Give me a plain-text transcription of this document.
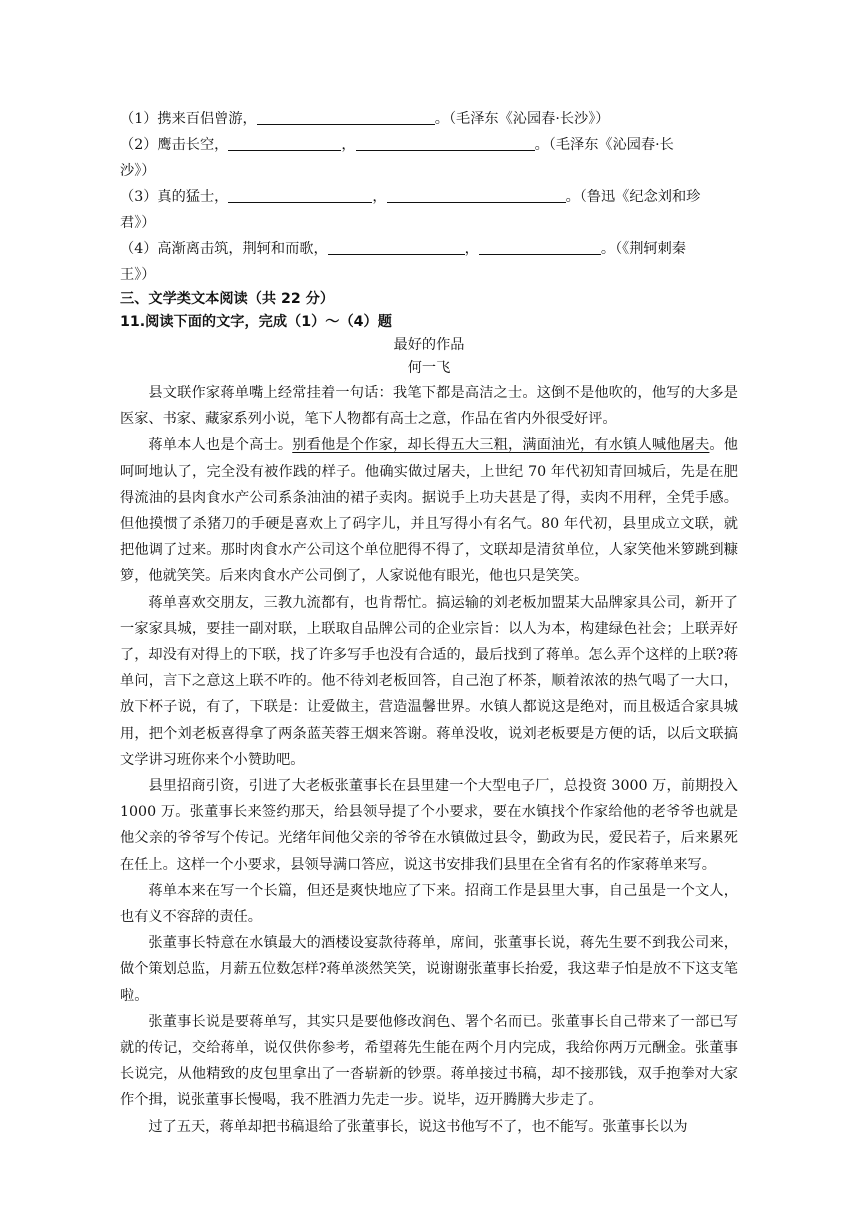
（1）携来百侣曾游，	。（毛泽东《沁园春·长沙》）

（2）鹰击长空，	，	。（毛泽东《沁园春·长

沙》）

（3）真的猛士，	，	。（鲁迅《纪念刘和珍

君》）

（4）高渐离击筑，荆轲和而歌，	，	。（《荆轲刺秦

王》）

三、文学类文本阅读（共 22 分）

11.阅读下面的文字，完成（1）～（4）题

最好的作品

何一飞

县文联作家蒋单嘴上经常挂着一句话：我笔下都是高洁之士。这倒不是他吹的，他写的大多是医家、书家、藏家系列小说，笔下人物都有高士之意，作品在省内外很受好评。

蒋单本人也是个高士。别看他是个作家，却长得五大三粗，满面油光，有水镇人喊他屠夫。他呵呵地认了，完全没有被作践的样子。他确实做过屠夫，上世纪 70 年代初知青回城后，先是在肥得流油的县肉食水产公司系条油油的裙子卖肉。据说手上功夫甚是了得，卖肉不用秤，全凭手感。但他摸惯了杀猪刀的手硬是喜欢上了码字儿，并且写得小有名气。80 年代初，县里成立文联，就把他调了过来。那时肉食水产公司这个单位肥得不得了，文联却是清贫单位，人家笑他米箩跳到糠箩，他就笑笑。后来肉食水产公司倒了，人家说他有眼光，他也只是笑笑。

蒋单喜欢交朋友，三教九流都有，也肯帮忙。搞运输的刘老板加盟某大品牌家具公司，新开了一家家具城，要挂一副对联，上联取自品牌公司的企业宗旨：以人为本，构建绿色社会；上联弄好了，却没有对得上的下联，找了许多写手也没有合适的，最后找到了蒋单。怎么弄个这样的上联?蒋单问，言下之意这上联不咋的。他不待刘老板回答，自己泡了杯茶，顺着浓浓的热气喝了一大口，放下杯子说，有了，下联是：让爱做主，营造温馨世界。水镇人都说这是绝对，而且极适合家具城用，把个刘老板喜得拿了两条蓝芙蓉王烟来答谢。蒋单没收，说刘老板要是方便的话，以后文联搞文学讲习班你来个小赞助吧。

县里招商引资，引进了大老板张董事长在县里建一个大型电子厂，总投资 3000 万，前期投入 1000 万。张董事长来签约那天，给县领导提了个小要求，要在水镇找个作家给他的老爷爷也就是他父亲的爷爷写个传记。光绪年间他父亲的爷爷在水镇做过县令，勤政为民，爱民若子，后来累死在任上。这样一个小要求，县领导满口答应，说这书安排我们县里在全省有名的作家蒋单来写。

蒋单本来在写一个长篇，但还是爽快地应了下来。招商工作是县里大事，自己虽是一个文人，也有义不容辞的责任。

张董事长特意在水镇最大的酒楼设宴款待蒋单，席间，张董事长说，蒋先生要不到我公司来，做个策划总监，月薪五位数怎样?蒋单淡然笑笑，说谢谢张董事长抬爱，我这辈子怕是放不下这支笔啦。

张董事长说是要蒋单写，其实只是要他修改润色、署个名而已。张董事长自己带来了一部已写就的传记，交给蒋单，说仅供你参考，希望蒋先生能在两个月内完成，我给你两万元酬金。张董事长说完，从他精致的皮包里拿出了一沓崭新的钞票。蒋单接过书稿，却不接那钱，双手抱拳对大家作个揖，说张董事长慢喝，我不胜酒力先走一步。说毕，迈开腾腾大步走了。

过了五天，蒋单却把书稿退给了张董事长，说这书他写不了，也不能写。张董事长以为
